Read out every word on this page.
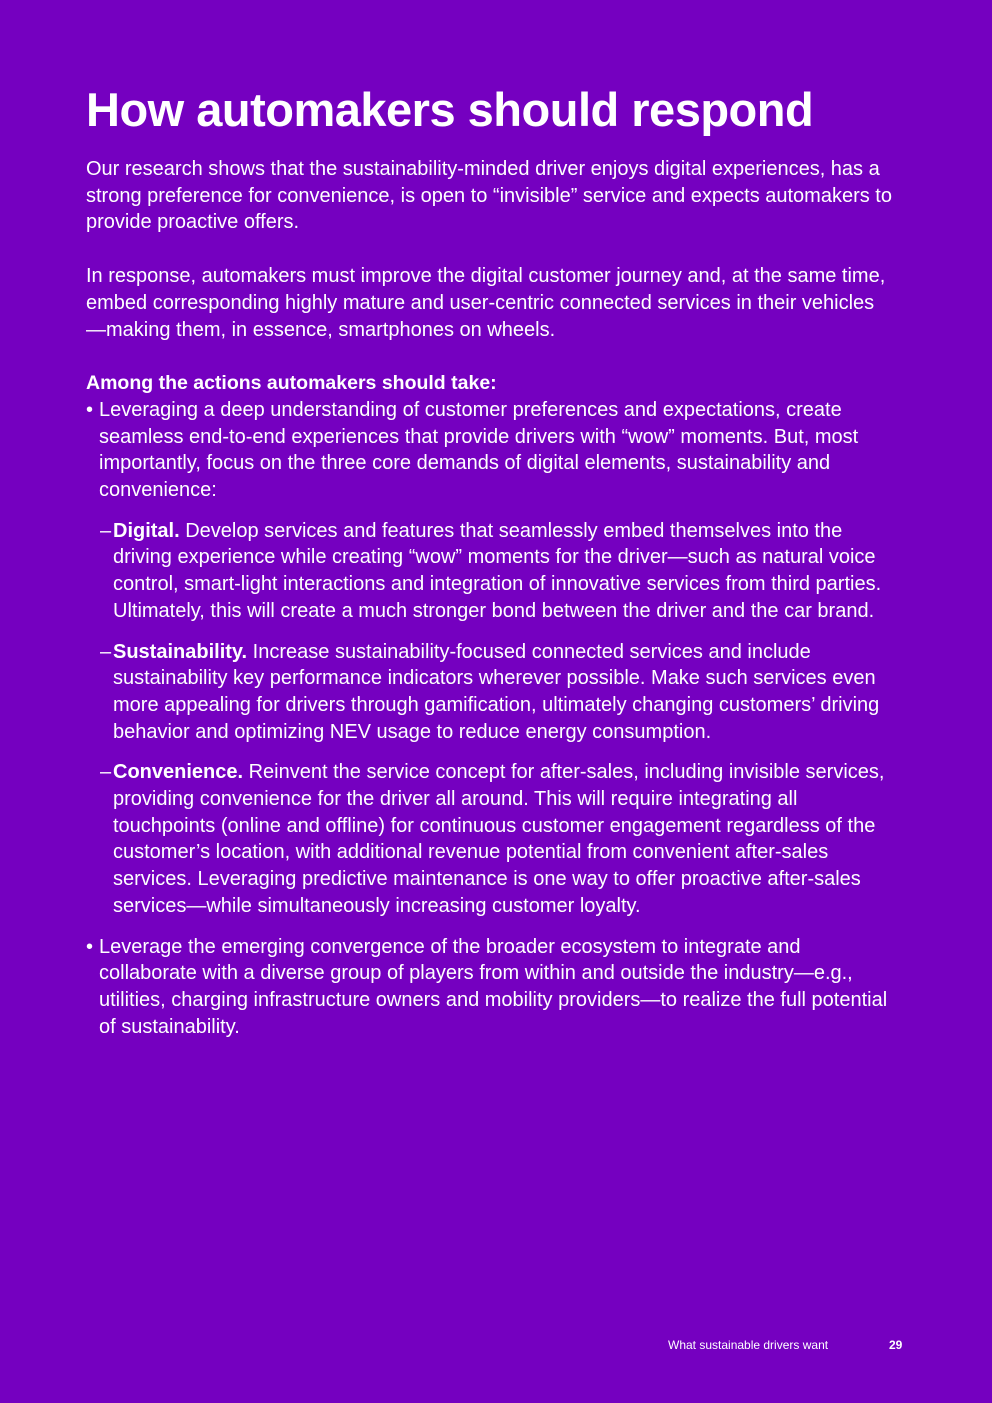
How automakers should respond

Our research shows that the sustainability-minded driver enjoys digital experiences, has a strong preference for convenience, is open to “invisible” service and expects automakers to provide proactive offers.

In response, automakers must improve the digital customer journey and, at the same time, embed corresponding highly mature and user-centric connected services in their vehicles—making them, in essence, smartphones on wheels.

Among the actions automakers should take:

• Leveraging a deep understanding of customer preferences and expectations, create seamless end-to-end experiences that provide drivers with “wow” moments. But, most importantly, focus on the three core demands of digital elements, sustainability and convenience:
– Digital. Develop services and features that seamlessly embed themselves into the driving experience while creating “wow” moments for the driver—such as natural voice control, smart-light interactions and integration of innovative services from third parties. Ultimately, this will create a much stronger bond between the driver and the car brand.
– Sustainability. Increase sustainability-focused connected services and include sustainability key performance indicators wherever possible. Make such services even more appealing for drivers through gamification, ultimately changing customers’ driving behavior and optimizing NEV usage to reduce energy consumption.
– Convenience. Reinvent the service concept for after-sales, including invisible services, providing convenience for the driver all around. This will require integrating all touchpoints (online and offline) for continuous customer engagement regardless of the customer’s location, with additional revenue potential from convenient after-sales services. Leveraging predictive maintenance is one way to offer proactive after-sales services—while simultaneously increasing customer loyalty.
• Leverage the emerging convergence of the broader ecosystem to integrate and collaborate with a diverse group of players from within and outside the industry—e.g., utilities, charging infrastructure owners and mobility providers—to realize the full potential of sustainability.
What sustainable drivers want	29
